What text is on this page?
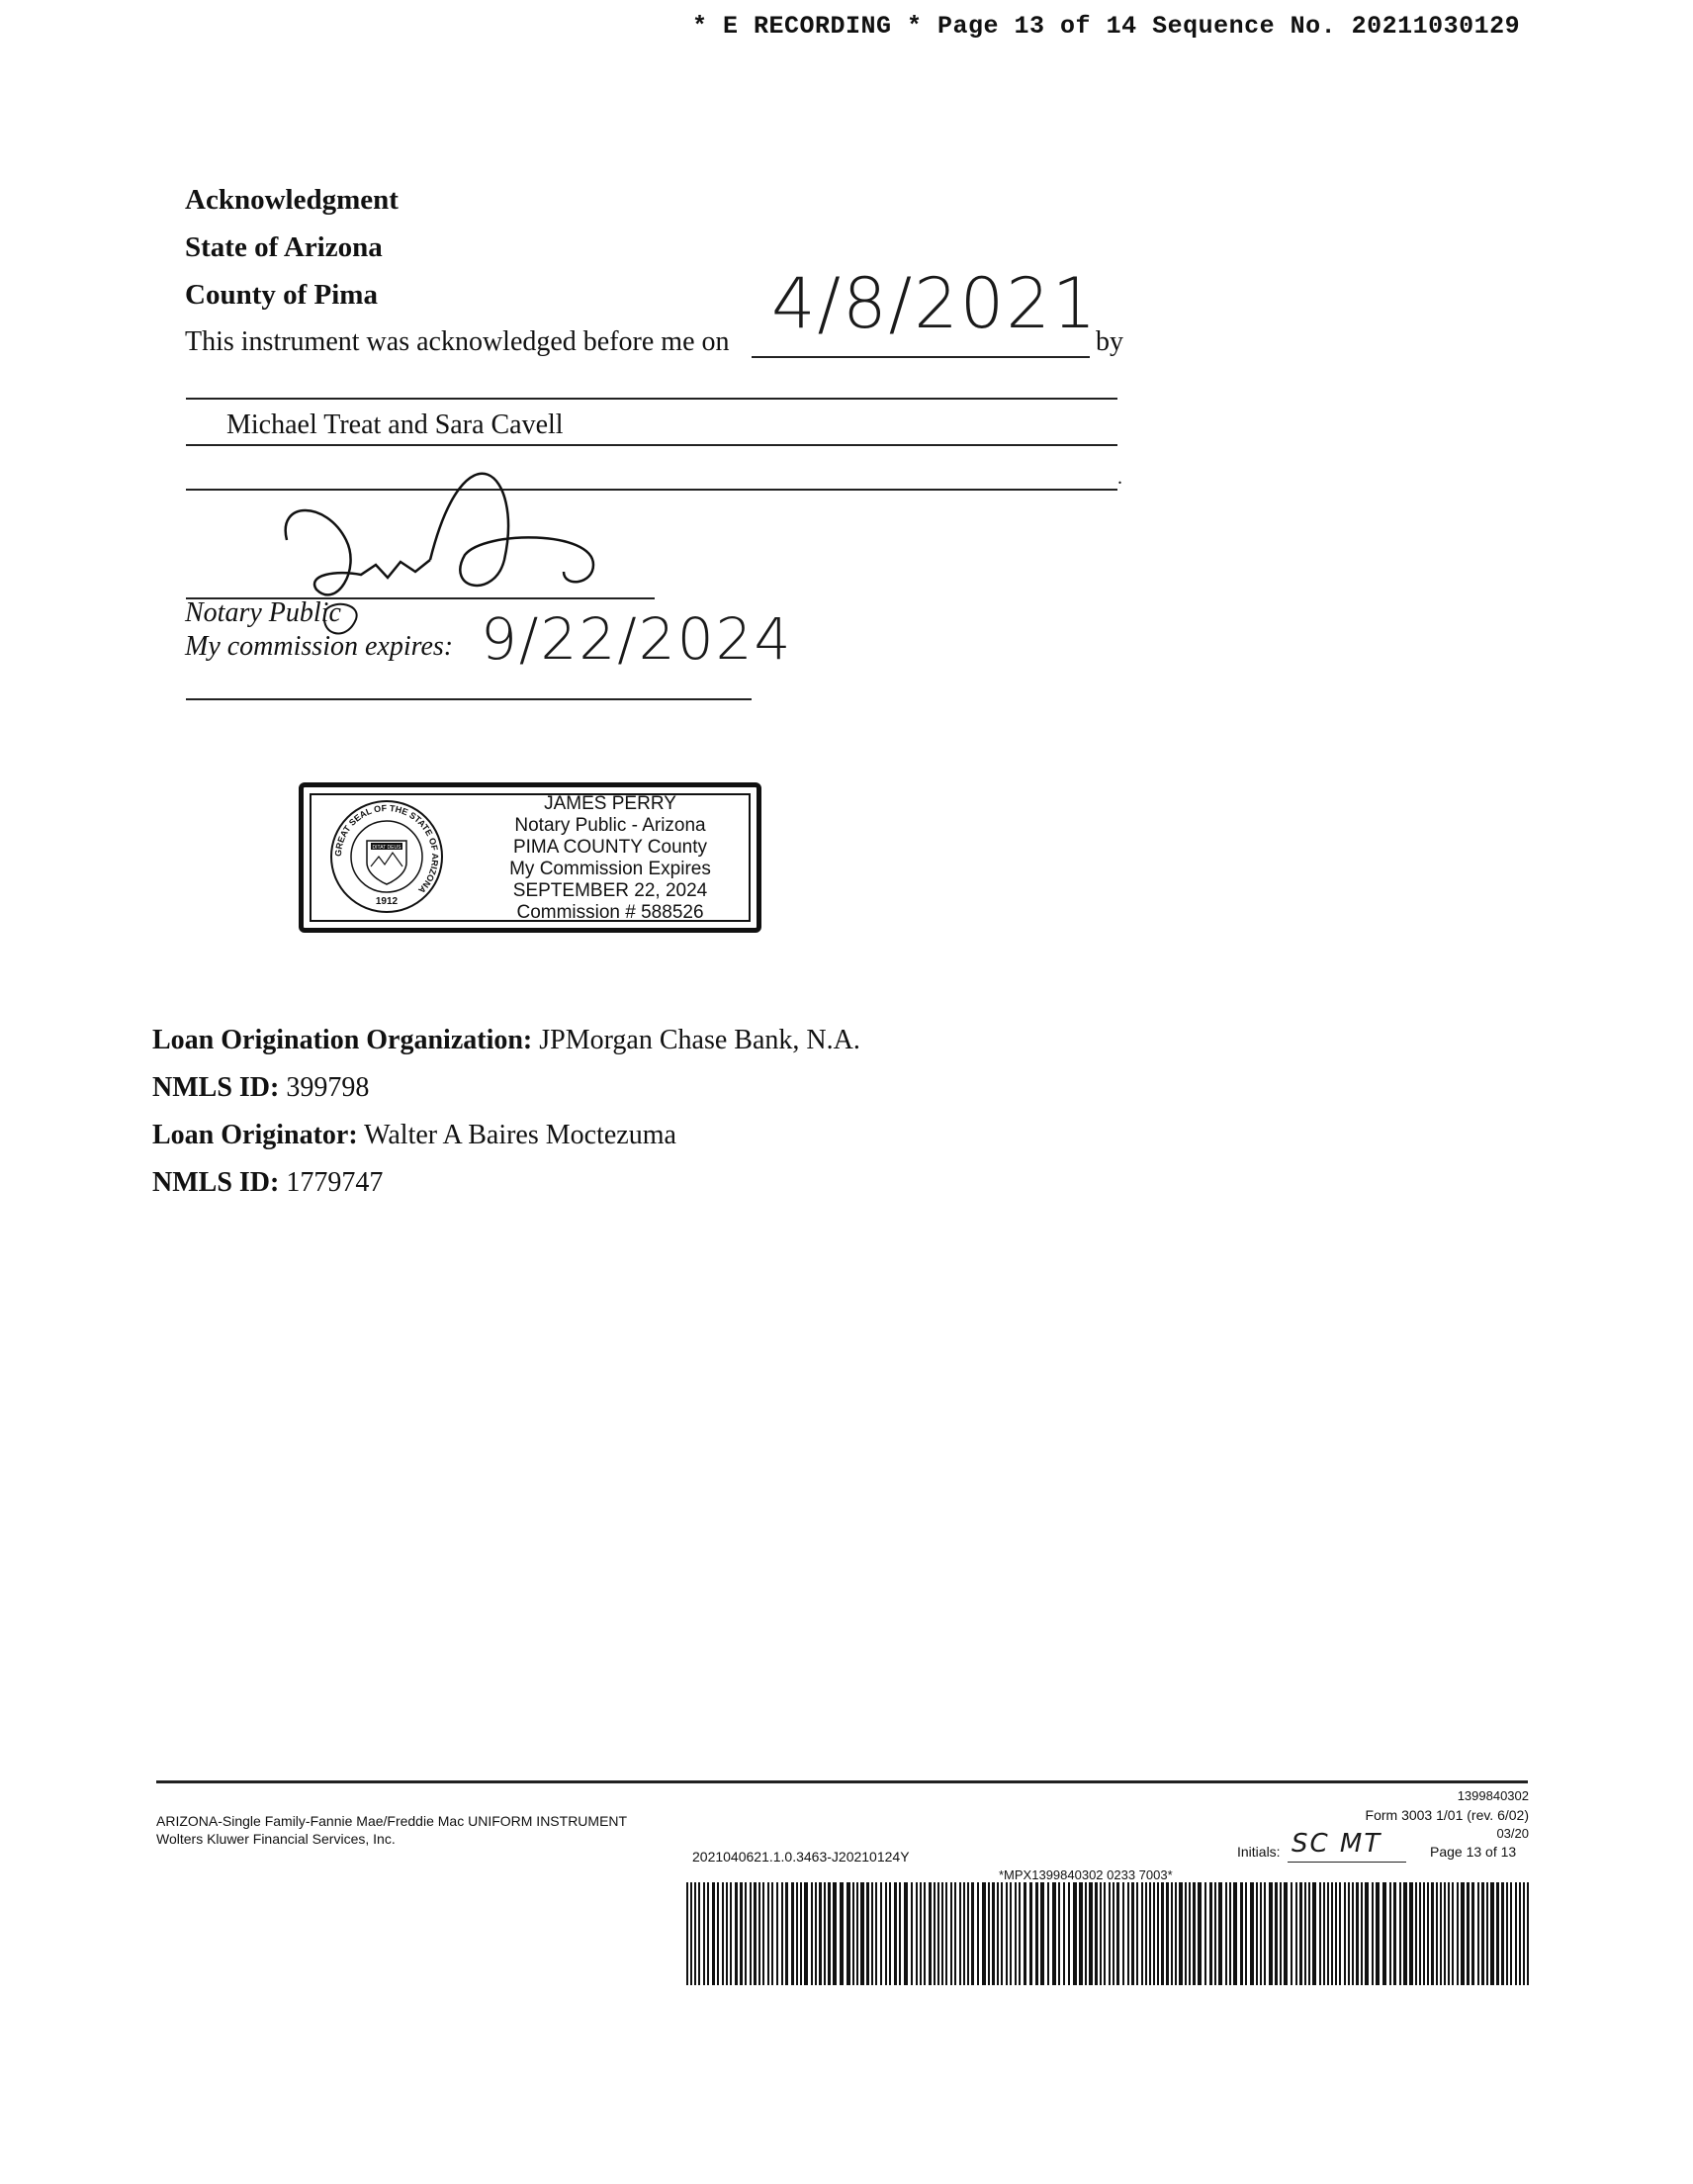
* E RECORDING * Page 13 of 14 Sequence No. 20211030129
Acknowledgment
State of Arizona
County of Pima
This instrument was acknowledged before me on 4/8/2021
by
Michael Treat and Sara Cavell
.
Notary Public
My commission expires: 9/22/2024
GREAT SEAL OF THE STATE OF ARIZONA
DITAT DEUS
1912
JAMES PERRY
Notary Public - Arizona
PIMA COUNTY County
My Commission Expires
SEPTEMBER 22, 2024
Commission # 588526
Loan Origination Organization: JPMorgan Chase Bank, N.A.
NMLS ID: 399798
Loan Originator: Walter A Baires Moctezuma
NMLS ID: 1779747
ARIZONA-Single Family-Fannie Mae/Freddie Mac UNIFORM INSTRUMENT
Wolters Kluwer Financial Services, Inc.
2021040621.1.0.3463-J20210124Y
1399840302
Form 3003 1/01 (rev. 6/02)
03/20
Initials: SC MT	Page 13 of 13
*MPX1399840302 0233 7003*
